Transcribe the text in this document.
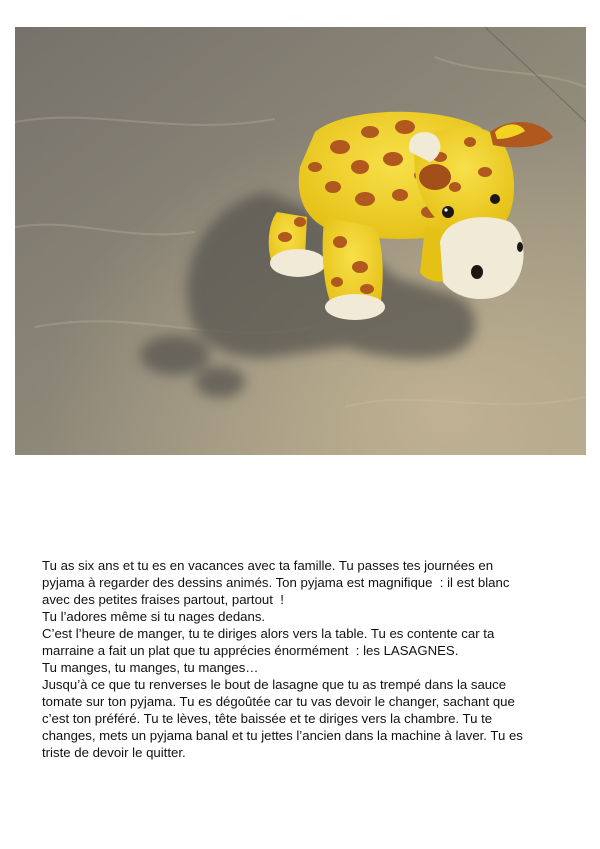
Tu as six ans et tu es en vacances avec ta famille. Tu passes tes journées en

pyjama à regarder des dessins animés. Ton pyjama est magnifique  : il est blanc

avec des petites fraises partout, partout  !

Tu l’adores même si tu nages dedans.

C’est l’heure de manger, tu te diriges alors vers la table. Tu es contente car ta

marraine a fait un plat que tu apprécies énormément  : les LASAGNES.

Tu manges, tu manges, tu manges…

Jusqu’à ce que tu renverses le bout de lasagne que tu as trempé dans la sauce

tomate sur ton pyjama. Tu es dégoûtée car tu vas devoir le changer, sachant que

c’est ton préféré. Tu te lèves, tête baissée et te diriges vers la chambre. Tu te

changes, mets un pyjama banal et tu jettes l’ancien dans la machine à laver. Tu es

triste de devoir le quitter.
